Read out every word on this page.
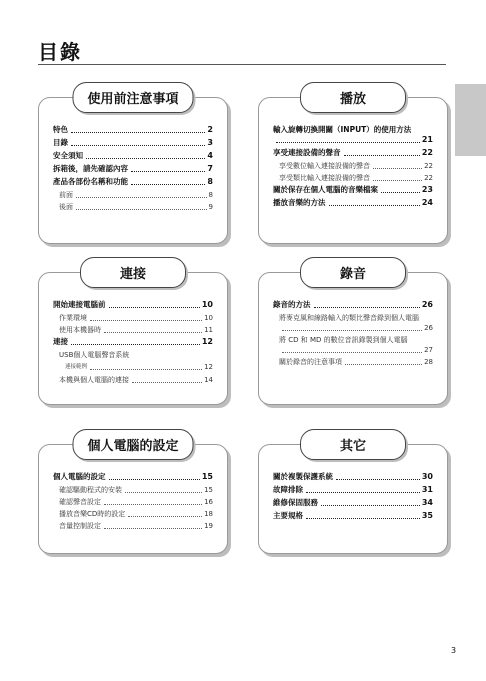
目錄
使用前注意事項
特色	2
目錄	3
安全須知	4
拆箱後，請先確認內容	7
產品各部份名稱和功能	8
前面	8
後面	9
播放
輸入旋轉切換開關（INPUT）的使用方法
21
享受連接設備的聲音	22
享受數位輸入連接設備的聲音	22
享受類比輸入連接設備的聲音	22
關於保存在個人電腦的音樂檔案	23
播放音樂的方法	24
連接
開始連接電腦前	10
作業環境	10
使用本機器時	11
連接	12
USB個人電腦聲音系統
連接範例	12
本機與個人電腦的連接	14
錄音
錄音的方法	26
將麥克風和線路輸入的類比聲音錄到個人電腦
26
將 CD 和 MD 的數位音訊錄製到個人電腦
27
關於錄音的注意事項	28
個人電腦的設定
個人電腦的設定	15
確認驅動程式的安裝	15
確認聲音設定	16
播放音樂CD時的設定	18
音量控制設定	19
其它
關於複製保護系統	30
故障排除	31
維修保固服務	34
主要規格	35
3
